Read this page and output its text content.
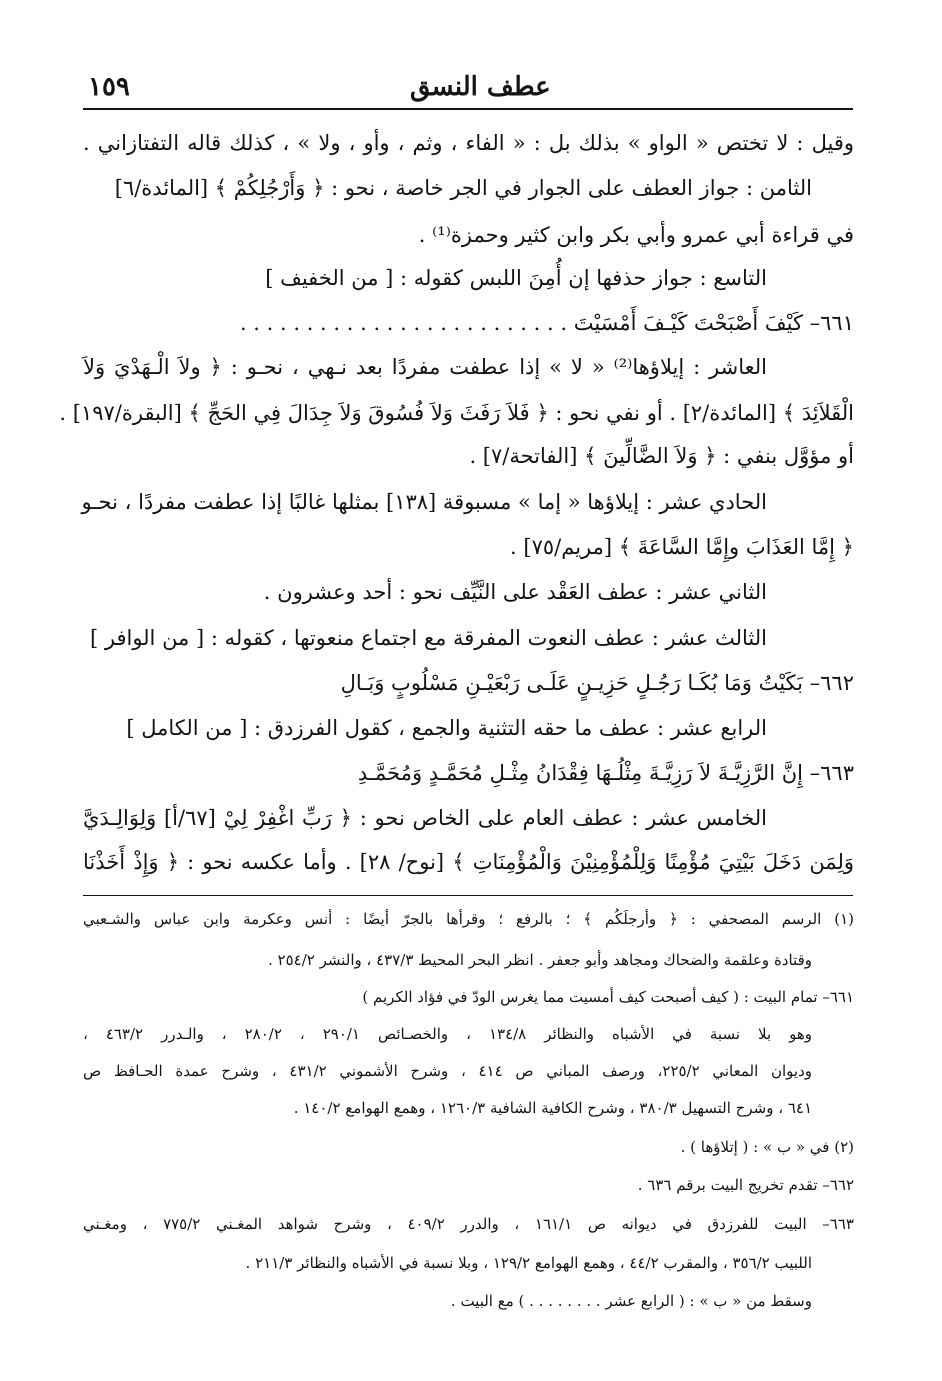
عطف النسق
١٥٩
وقيل : لا تختص « الواو » بذلك بل : « الفاء ، وثم ، وأو ، ولا » ، كذلك قاله التفتازاني .
الثامن : جواز العطف على الجوار في الجر خاصة ، نحو : ﴿ وَأَرْجُلِكُمْ ﴾ [المائدة/٦]
في قراءة أبي عمرو وأبي بكر وابن كثير وحمزة⁽¹⁾ .
التاسع : جواز حذفها إن أُمِنَ اللبس كقوله : [ من الخفيف ]
٦٦١– كَيْفَ أَصْبَحْتَ كَيْـفَ أَمْسَيْتَ . . . . . . . . . . . . . . . . . . . . . . . . .
العاشر : إيلاؤها⁽²⁾ « لا » إذا عطفت مفردًا بعد نـهي ، نحـو : ﴿ ولاَ الْـهَدْيَ وَلاَ
الْقَلاَئِدَ ﴾ [المائدة/٢] . أو نفي نحو : ﴿ فَلاَ رَفَثَ وَلاَ فُسُوقَ وَلاَ جِدَالَ فِي الحَجِّ ﴾ [البقرة/١٩٧] .
أو مؤوَّل بنفي : ﴿ وَلاَ الضَّالِّينَ ﴾ [الفاتحة/٧] .
الحادي عشر : إيلاؤها « إما » مسبوقة [١٣٨] بمثلها غالبًا إذا عطفت مفردًا ، نحـو
﴿ إِمَّا العَذَابَ وإِمَّا السَّاعَةَ ﴾ [مريم/٧٥] .
الثاني عشر : عطف العَقْد على النَّيِّف نحو : أحد وعشرون .
الثالث عشر : عطف النعوت المفرقة مع اجتماع منعوتها ، كقوله : [ من الوافر ]
٦٦٢– بَكَيْتُ وَمَا بُكَـا رَجُـلٍ حَزِيـنٍ عَلَـى رَبْعَيْـنِ مَسْلُوبٍ وَبَـالِ
الرابع عشر : عطف ما حقه التثنية والجمع ، كقول الفرزدق : [ من الكامل ]
٦٦٣– إِنَّ الرَّزِيَّـةَ لاَ رَزِيَّـةَ مِثْلُـهَا فِقْدَانُ مِثْـلِ مُحَمَّـدٍ وَمُحَمَّـدِ
الخامس عشر : عطف العام على الخاص نحو : ﴿ رَبِّ اغْفِرْ لِيْ [٦٧/أ] وَلِوَالِـدَيَّ
وَلِمَن دَخَلَ بَيْتِيَ مُؤْمِنًا وَلِلْمُؤْمِنِيْنَ وَالْمُؤْمِنَاتِ ﴾ [نوح/ ٢٨] . وأما عكسه نحو : ﴿ وَإِذْ أَخَذْنَا
(١) الرسم المصحفي : ﴿ وأرجلَكُم ﴾ ؛ بالرفع ؛ وقرأها بالجرّ أيضًا : أنس وعكرمة وابن عباس والشـعبي
وقتادة وعلقمة والضحاك ومجاهد وأبو جعفر . انظر البحر المحيط ٤٣٧/٣ ، والنشر ٢٥٤/٢ .
٦٦١– تمام البيت : ( كيف أصبحت كيف أمسيت مما يغرس الودّ في فؤاد الكريم )
وهو بلا نسبة في الأشباه والنظائر ١٣٤/٨ ، والخصـائص ٢٩٠/١ ، ٢٨٠/٢ ، والـدرر ٤٦٣/٢ ،
وديوان المعاني ٢٢٥/٢، ورصف المباني ص ٤١٤ ، وشرح الأشموني ٤٣١/٢ ، وشرح عمدة الحـافظ ص
٦٤١ ، وشرح التسهيل ٣٨٠/٣ ، وشرح الكافية الشافية ١٢٦٠/٣ ، وهمع الهوامع ١٤٠/٢ .
(٢) في « ب » : ( إتلاؤها ) .
٦٦٢– تقدم تخريج البيت برقم ٦٣٦ .
٦٦٣– البيت للفرزدق في ديوانه ص ١٦١/١ ، والدرر ٤٠٩/٢ ، وشرح شواهد المغـني ٧٧٥/٢ ، ومغـني
اللبيب ٣٥٦/٢ ، والمقرب ٤٤/٢ ، وهمع الهوامع ١٢٩/٢ ، وبلا نسبة في الأشباه والنظائر ٢١١/٣ .
وسقط من « ب » : ( الرابع عشر . . . . . . . . ) مع البيت .
